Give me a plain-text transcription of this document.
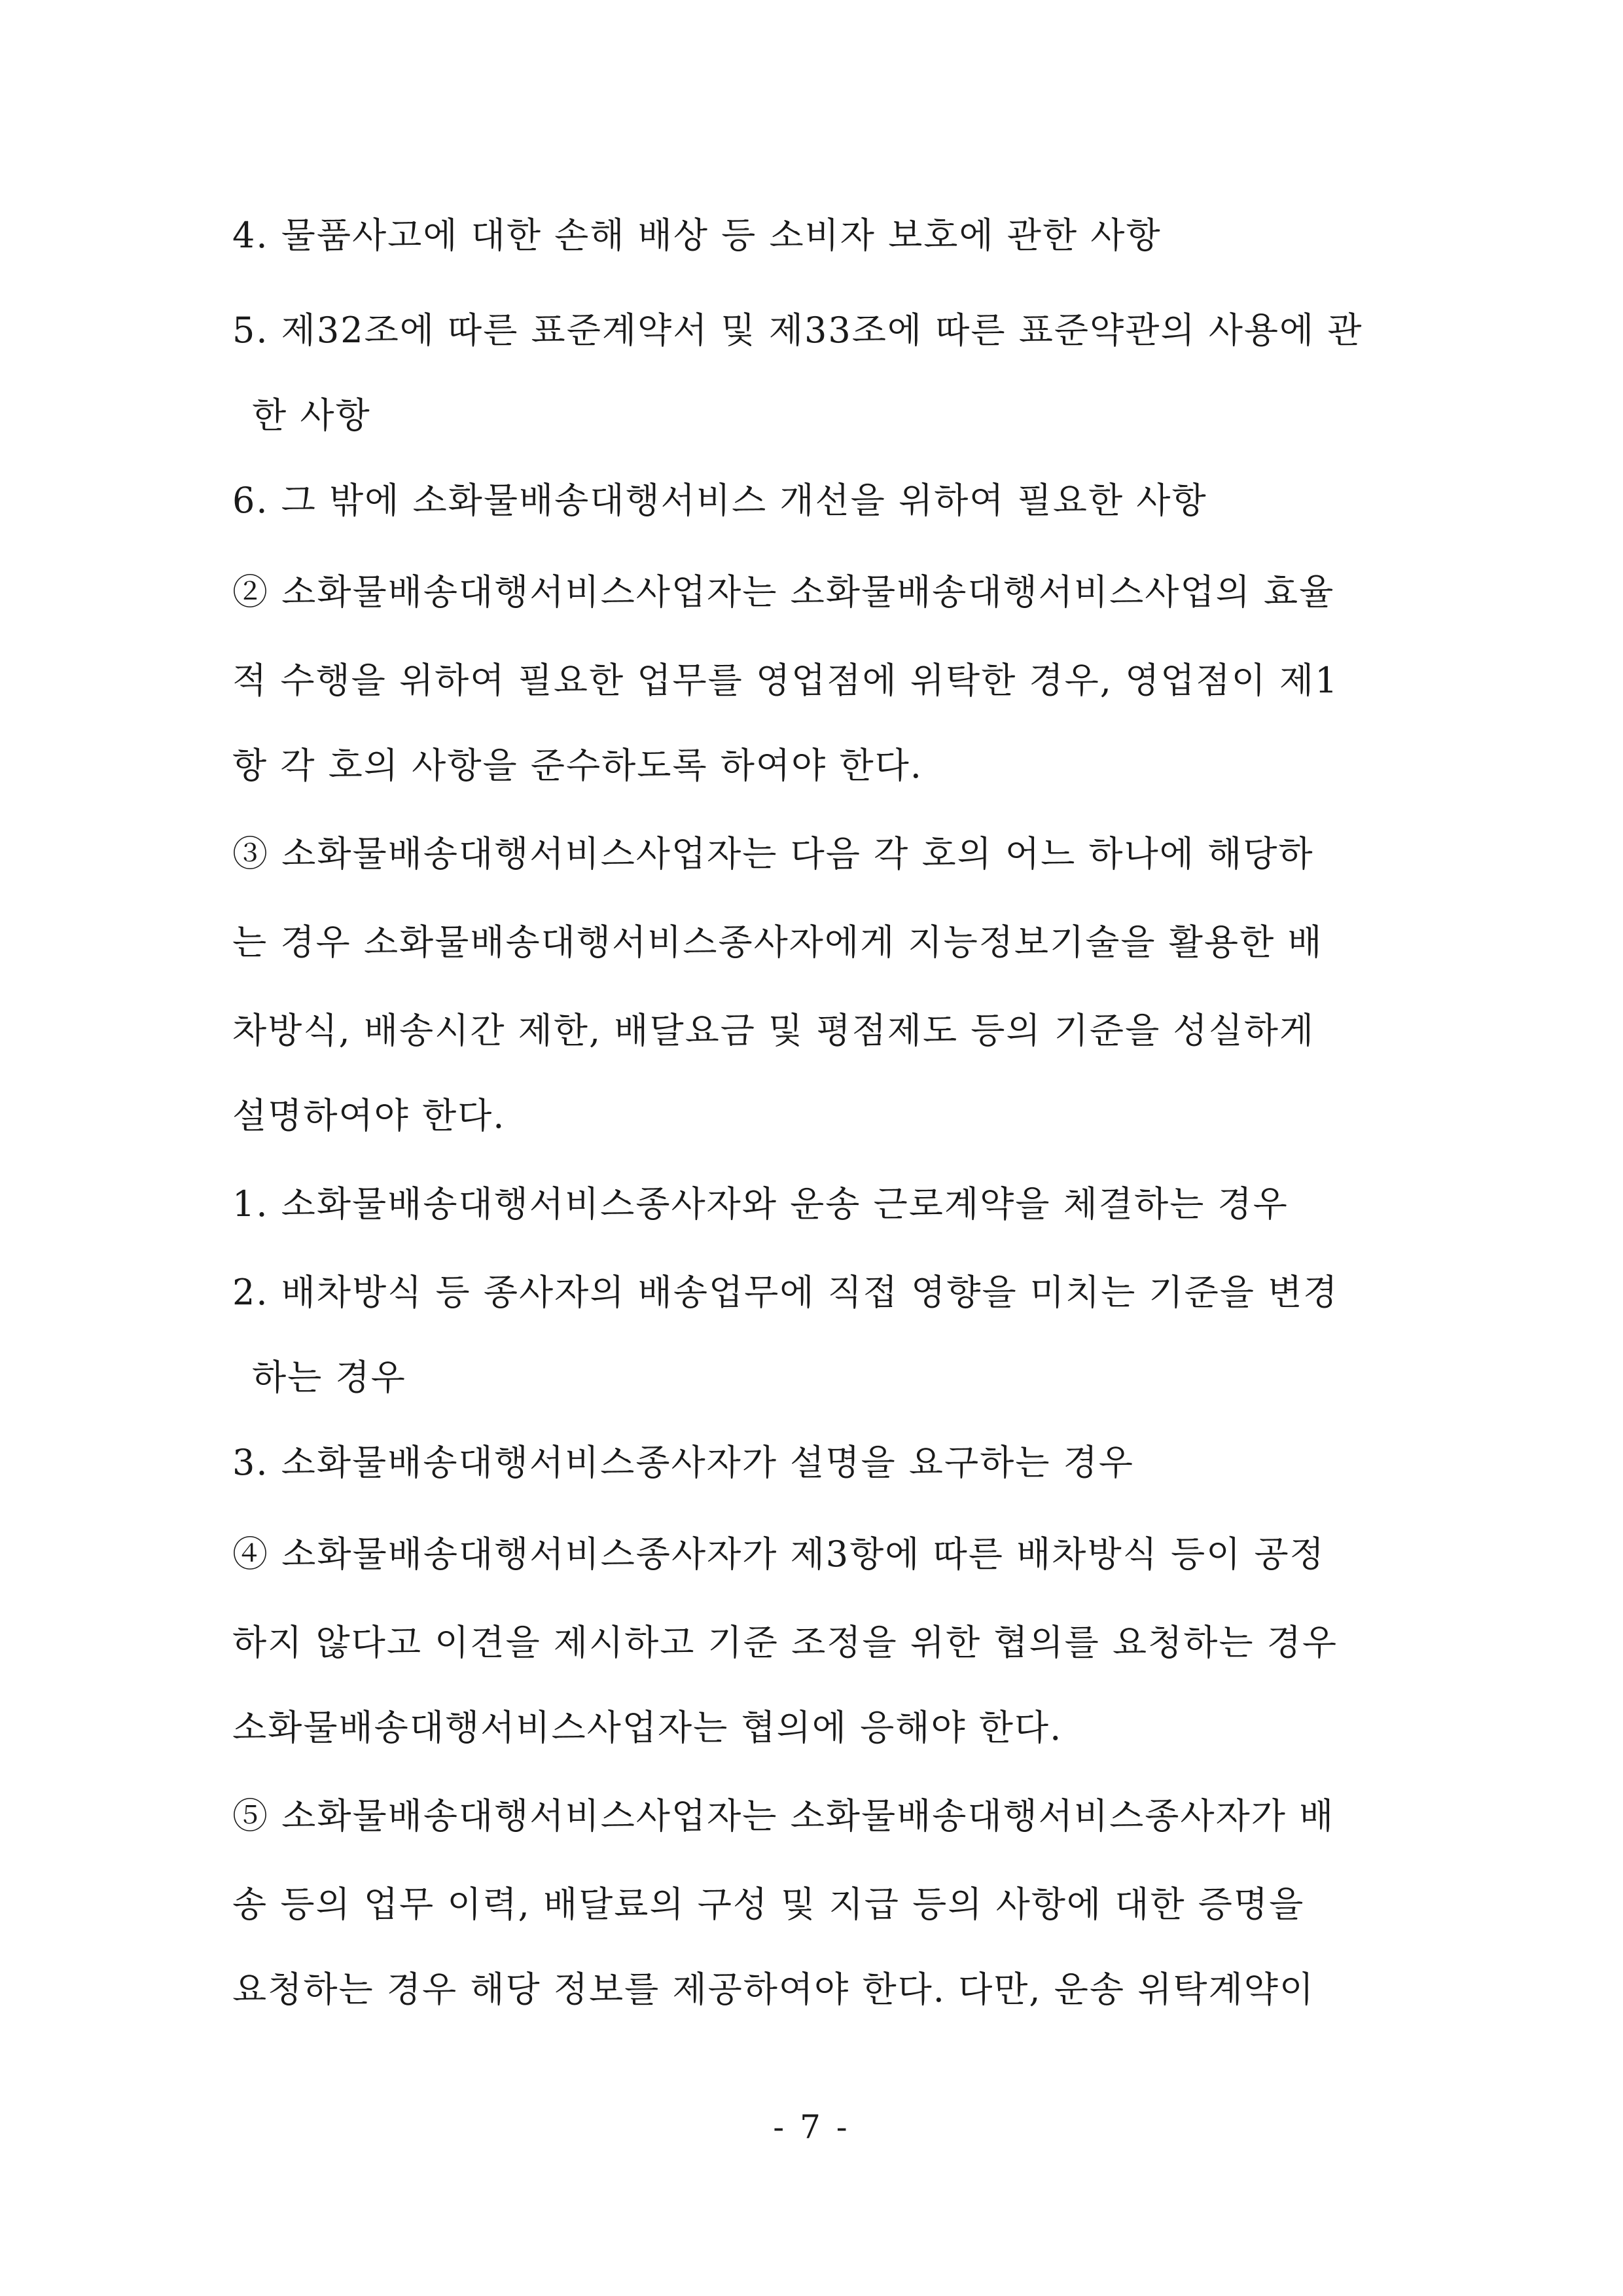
4. 물품사고에 대한 손해 배상 등 소비자 보호에 관한 사항
5. 제32조에 따른 표준계약서 및 제33조에 따른 표준약관의 사용에 관
한 사항
6. 그 밖에 소화물배송대행서비스 개선을 위하여 필요한 사항
② 소화물배송대행서비스사업자는 소화물배송대행서비스사업의 효율
적 수행을 위하여 필요한 업무를 영업점에 위탁한 경우, 영업점이 제1
항 각 호의 사항을 준수하도록 하여야 한다.
③ 소화물배송대행서비스사업자는 다음 각 호의 어느 하나에 해당하
는 경우 소화물배송대행서비스종사자에게 지능정보기술을 활용한 배
차방식, 배송시간 제한, 배달요금 및 평점제도 등의 기준을 성실하게
설명하여야 한다.
1. 소화물배송대행서비스종사자와 운송 근로계약을 체결하는 경우
2. 배차방식 등 종사자의 배송업무에 직접 영향을 미치는 기준을 변경
하는 경우
3. 소화물배송대행서비스종사자가 설명을 요구하는 경우
④ 소화물배송대행서비스종사자가 제3항에 따른 배차방식 등이 공정
하지 않다고 이견을 제시하고 기준 조정을 위한 협의를 요청하는 경우
소화물배송대행서비스사업자는 협의에 응해야 한다.
⑤ 소화물배송대행서비스사업자는 소화물배송대행서비스종사자가 배
송 등의 업무 이력, 배달료의 구성 및 지급 등의 사항에 대한 증명을
요청하는 경우 해당 정보를 제공하여야 한다. 다만, 운송 위탁계약이
- 7 -
